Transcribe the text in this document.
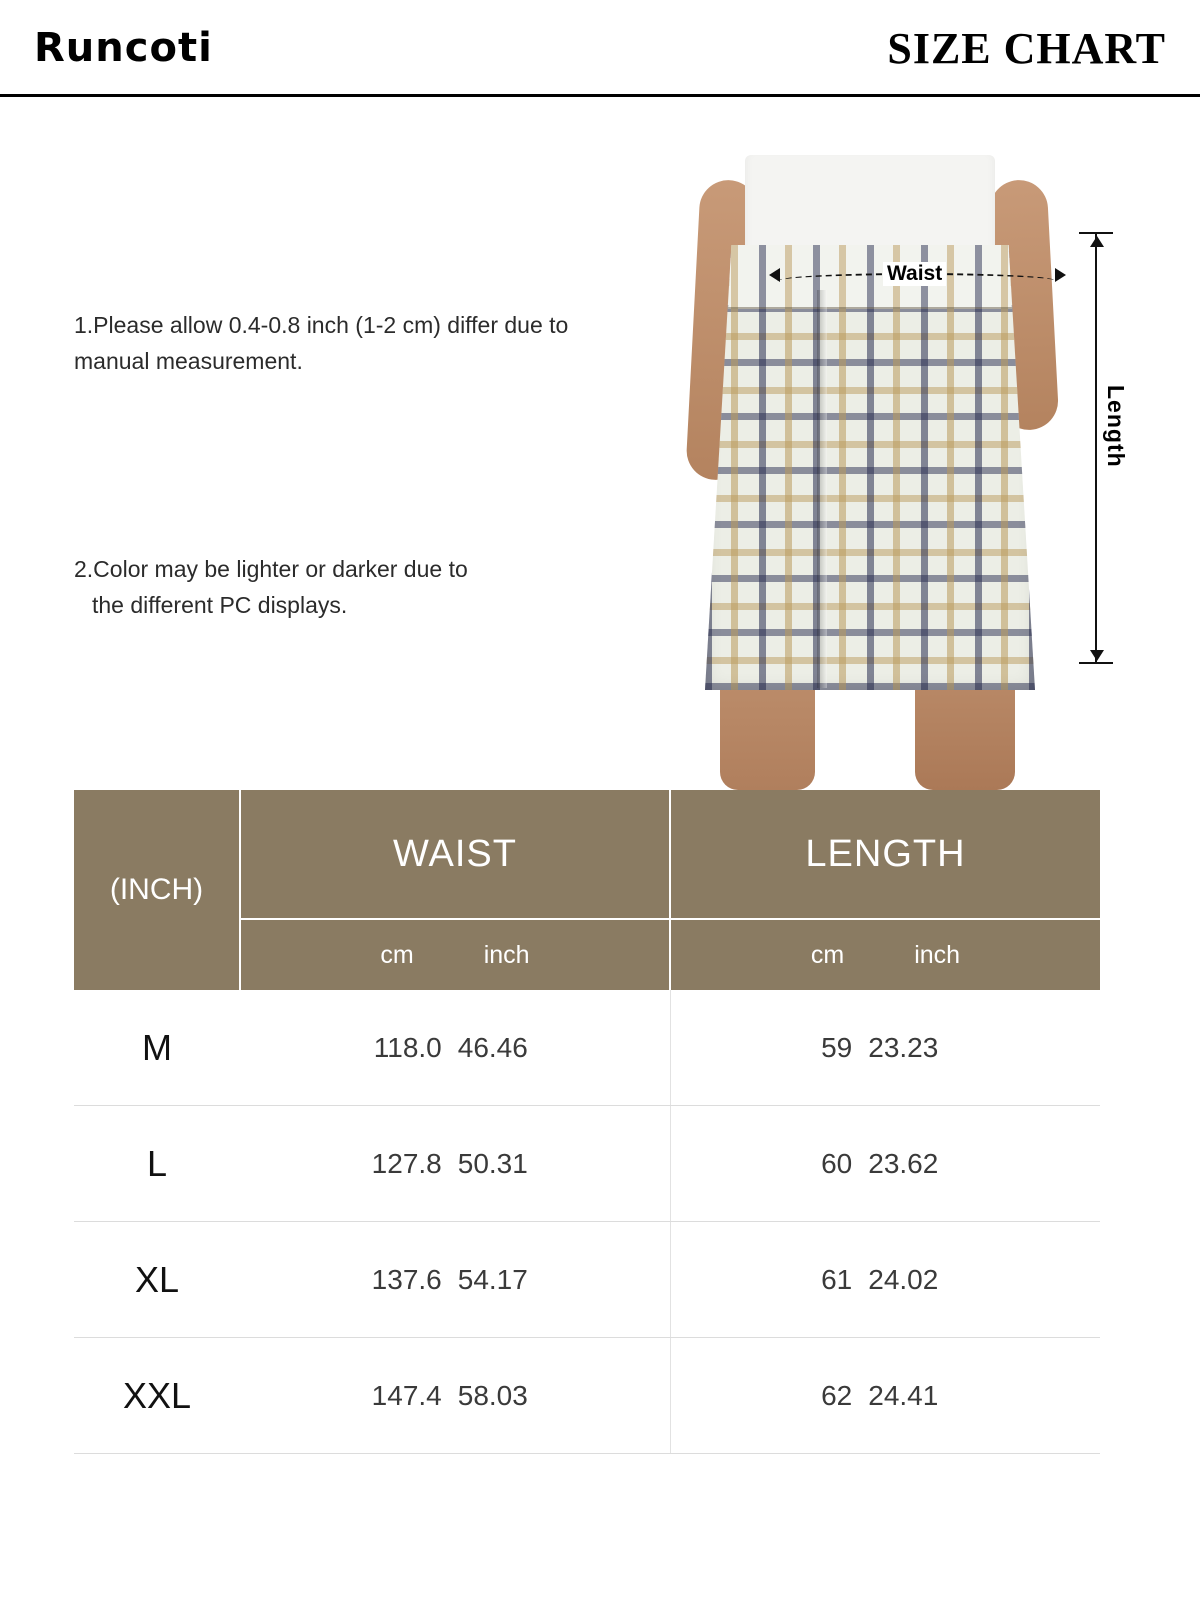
Runcoti	SIZE CHART
1.Please allow 0.4-0.8 inch (1-2 cm) differ due to manual measurement.
2.Color may be lighter or darker due to
the different PC displays.
Waist
Length
(INCH)	WAIST	LENGTH

	cm inch	cm inch

M	118.0 46.46	59 23.23

L	127.8 50.31	60 23.62

XL	137.6 54.17	61 24.02

XXL	147.4 58.03	62 24.41
